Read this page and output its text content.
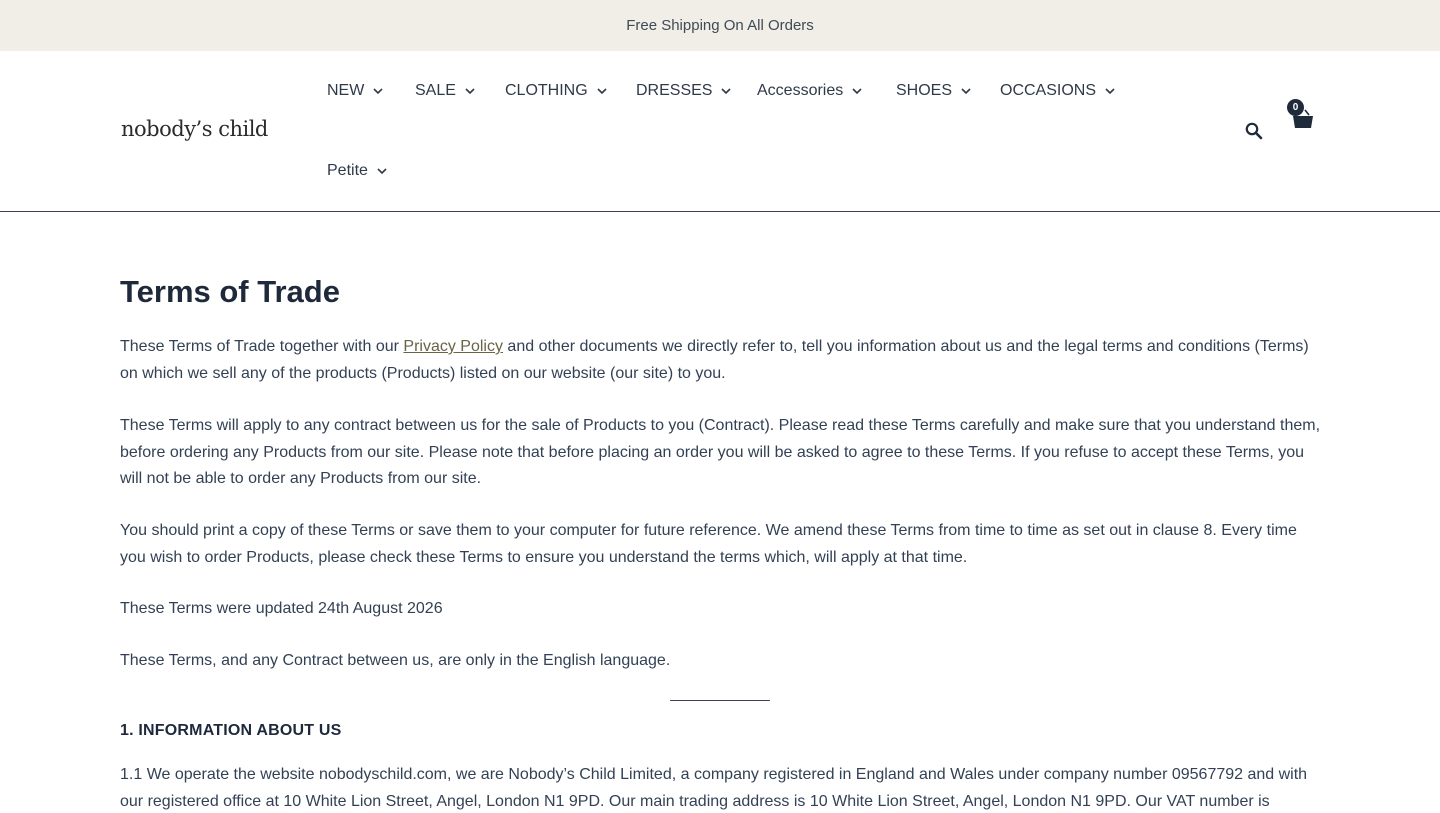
Free Shipping On All Orders
nobody’s child
NEW	SALE	CLOTHING	DRESSES	Accessories	SHOES	OCCASIONS
Petite
0
Terms of Trade

These Terms of Trade together with our Privacy Policy and other documents we directly refer to, tell you information about us and the legal terms and conditions (Terms) on which we sell any of the products (Products) listed on our website (our site) to you.

These Terms will apply to any contract between us for the sale of Products to you (Contract). Please read these Terms carefully and make sure that you understand them, before ordering any Products from our site. Please note that before placing an order you will be asked to agree to these Terms. If you refuse to accept these Terms, you will not be able to order any Products from our site.

You should print a copy of these Terms or save them to your computer for future reference. We amend these Terms from time to time as set out in clause 8. Every time you wish to order Products, please check these Terms to ensure you understand the terms which, will apply at that time.

These Terms were updated 24th August 2026

These Terms, and any Contract between us, are only in the English language.

1. INFORMATION ABOUT US

1.1 We operate the website nobodyschild.com, we are Nobody’s Child Limited, a company registered in England and Wales under company number 09567792 and with our registered office at 10 White Lion Street, Angel, London N1 9PD. Our main trading address is 10 White Lion Street, Angel, London N1 9PD. Our VAT number is
